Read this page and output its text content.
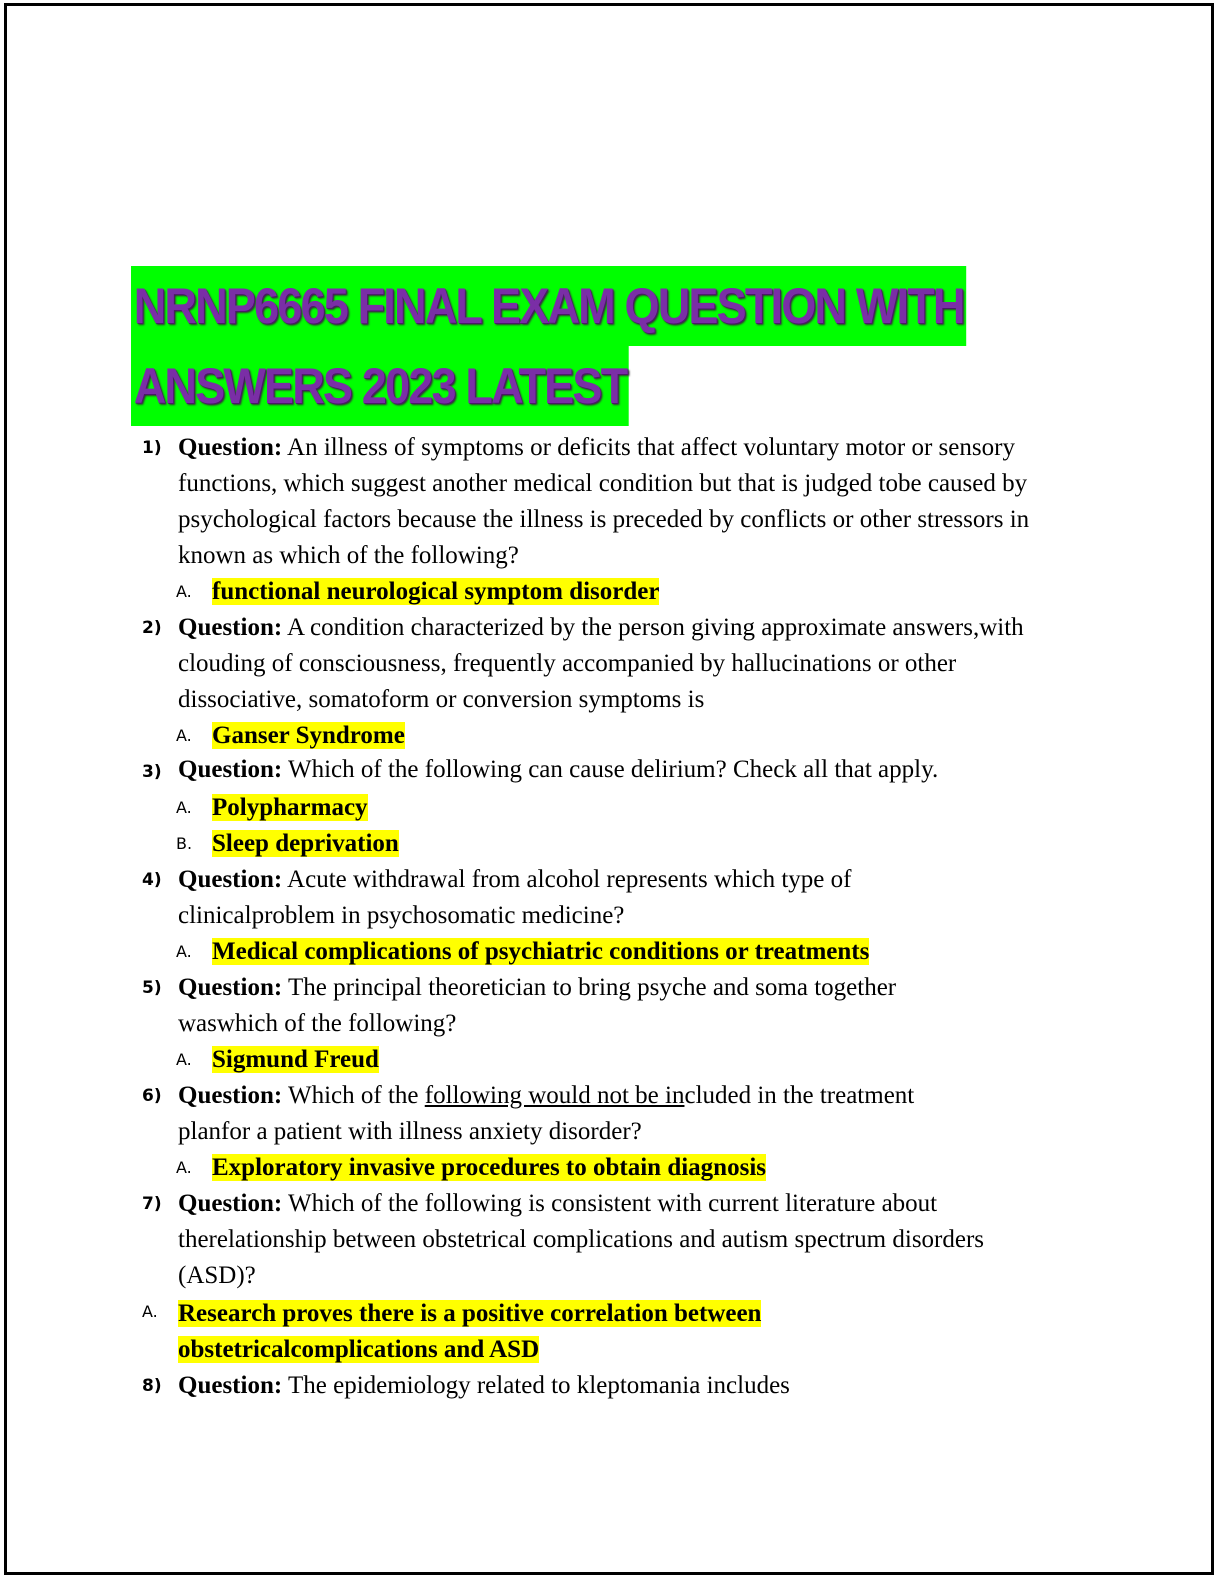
NRNP6665 FINAL EXAM QUESTION WITH
ANSWERS 2023 LATEST
1) Question: An illness of symptoms or deficits that affect voluntary motor or sensory functions, which suggest another medical condition but that is judged tobe caused by psychological factors because the illness is preceded by conflicts or other stressors in known as which of the following?
A. functional neurological symptom disorder
2) Question: A condition characterized by the person giving approximate answers,with clouding of consciousness, frequently accompanied by hallucinations or other dissociative, somatoform or conversion symptoms is
A. Ganser Syndrome
3) Question: Which of the following can cause delirium? Check all that apply.
A. Polypharmacy
B. Sleep deprivation
4) Question: Acute withdrawal from alcohol represents which type of clinicalproblem in psychosomatic medicine?
A. Medical complications of psychiatric conditions or treatments
5) Question: The principal theoretician to bring psyche and soma together waswhich of the following?
A. Sigmund Freud
6) Question: Which of the following would not be included in the treatment planfor a patient with illness anxiety disorder?
A. Exploratory invasive procedures to obtain diagnosis
7) Question: Which of the following is consistent with current literature about therelationship between obstetrical complications and autism spectrum disorders (ASD)?
A. Research proves there is a positive correlation between obstetricalcomplications and ASD
8) Question: The epidemiology related to kleptomania includes
